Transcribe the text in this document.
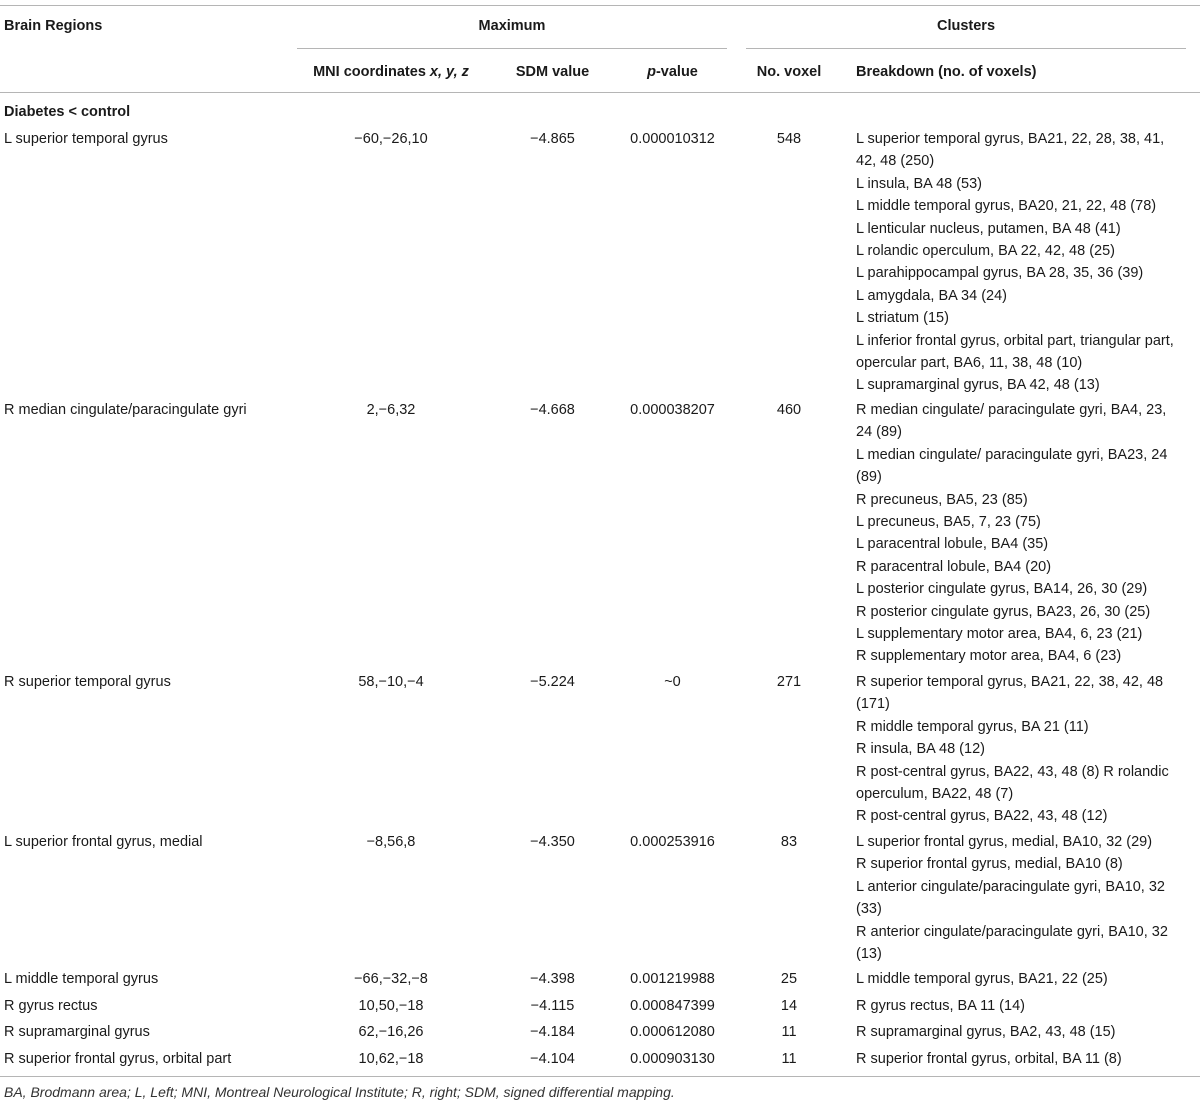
Brain Regions	Maximum	Clusters
MNI coordinates x, y, z	SDM value	p-value	No. voxel	Breakdown (no. of voxels)
Diabetes < control
L superior temporal gyrus	−60,−26,10	−4.865	0.000010312	548	L superior temporal gyrus, BA21, 22, 28, 38, 41, 42, 48 (250)
L insula, BA 48 (53)
L middle temporal gyrus, BA20, 21, 22, 48 (78)
L lenticular nucleus, putamen, BA 48 (41)
L rolandic operculum, BA 22, 42, 48 (25)
L parahippocampal gyrus, BA 28, 35, 36 (39)
L amygdala, BA 34 (24)
L striatum (15)
L inferior frontal gyrus, orbital part, triangular part, opercular part, BA6, 11, 38, 48 (10)
L supramarginal gyrus, BA 42, 48 (13)
R median cingulate/paracingulate gyri	2,−6,32	−4.668	0.000038207	460	R median cingulate/ paracingulate gyri, BA4, 23, 24 (89)
L median cingulate/ paracingulate gyri, BA23, 24 (89)
R precuneus, BA5, 23 (85)
L precuneus, BA5, 7, 23 (75)
L paracentral lobule, BA4 (35)
R paracentral lobule, BA4 (20)
L posterior cingulate gyrus, BA14, 26, 30 (29)
R posterior cingulate gyrus, BA23, 26, 30 (25)
L supplementary motor area, BA4, 6, 23 (21)
R supplementary motor area, BA4, 6 (23)
R superior temporal gyrus	58,−10,−4	−5.224	~0	271	R superior temporal gyrus, BA21, 22, 38, 42, 48 (171)
R middle temporal gyrus, BA 21 (11)
R insula, BA 48 (12)
R post-central gyrus, BA22, 43, 48 (8) R rolandic operculum, BA22, 48 (7)
R post-central gyrus, BA22, 43, 48 (12)
L superior frontal gyrus, medial	−8,56,8	−4.350	0.000253916	83	L superior frontal gyrus, medial, BA10, 32 (29)
R superior frontal gyrus, medial, BA10 (8)
L anterior cingulate/paracingulate gyri, BA10, 32 (33)
R anterior cingulate/paracingulate gyri, BA10, 32 (13)
L middle temporal gyrus	−66,−32,−8	−4.398	0.001219988	25	L middle temporal gyrus, BA21, 22 (25)
R gyrus rectus	10,50,−18	−4.115	0.000847399	14	R gyrus rectus, BA 11 (14)
R supramarginal gyrus	62,−16,26	−4.184	0.000612080	11	R supramarginal gyrus, BA2, 43, 48 (15)
R superior frontal gyrus, orbital part	10,62,−18	−4.104	0.000903130	11	R superior frontal gyrus, orbital, BA 11 (8)
BA, Brodmann area; L, Left; MNI, Montreal Neurological Institute; R, right; SDM, signed differential mapping.
